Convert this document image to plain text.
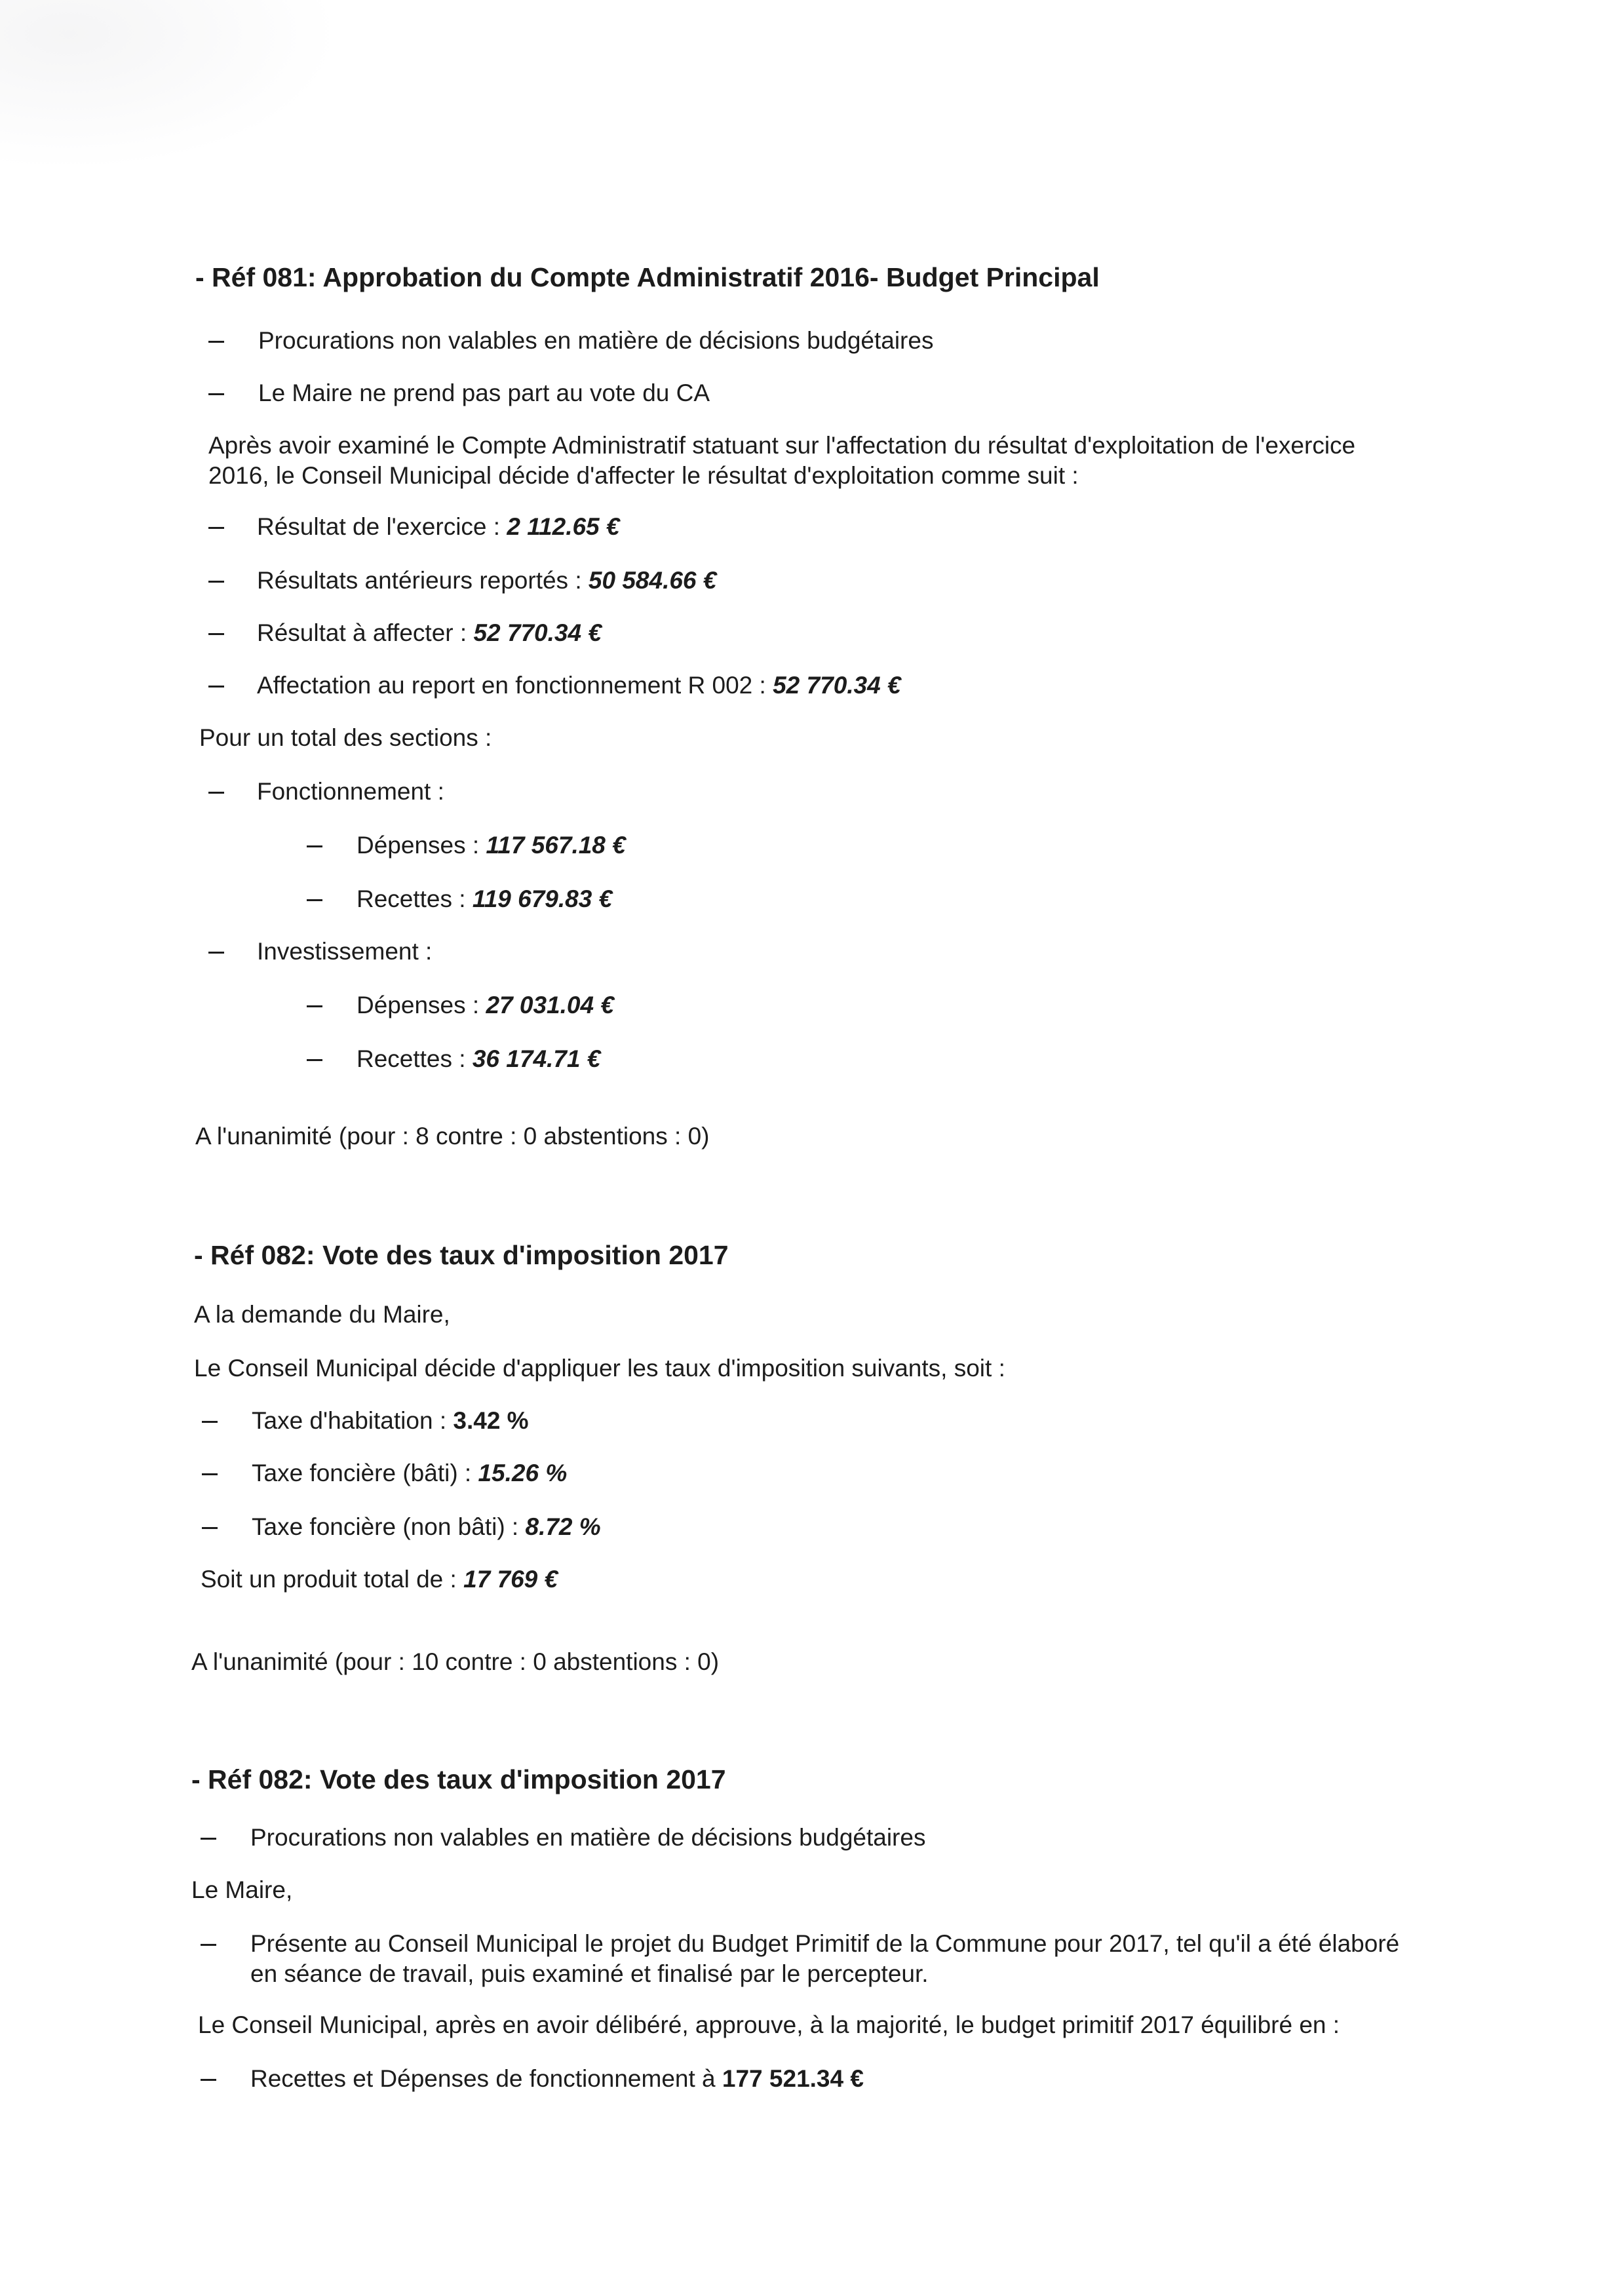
- Réf 081: Approbation du Compte Administratif 2016- Budget Principal
Procurations non valables en matière de décisions budgétaires
Le Maire ne prend pas part au vote du CA
Après avoir examiné le Compte Administratif statuant sur l'affectation du résultat d'exploitation de l'exercice
2016, le Conseil Municipal décide d'affecter le résultat d'exploitation comme suit :
Résultat de l'exercice : 2 112.65 €
Résultats antérieurs reportés : 50 584.66 €
Résultat à affecter : 52 770.34 €
Affectation au report en fonctionnement R 002 : 52 770.34 €
Pour un total des sections :
Fonctionnement :
Dépenses : 117 567.18 €
Recettes : 119 679.83 €
Investissement :
Dépenses : 27 031.04 €
Recettes : 36 174.71 €
A l'unanimité (pour : 8 contre : 0 abstentions : 0)
- Réf 082: Vote des taux d'imposition 2017
A la demande du Maire,
Le Conseil Municipal décide d'appliquer les taux d'imposition suivants, soit :
Taxe d'habitation : 3.42 %
Taxe foncière (bâti) : 15.26 %
Taxe foncière (non bâti) : 8.72 %
Soit un produit total de : 17 769 €
A l'unanimité (pour : 10 contre : 0 abstentions : 0)
- Réf 082: Vote des taux d'imposition 2017
Procurations non valables en matière de décisions budgétaires
Le Maire,
Présente au Conseil Municipal le projet du Budget Primitif de la Commune pour 2017, tel qu'il a été élaboré
en séance de travail, puis examiné et finalisé par le percepteur.
Le Conseil Municipal, après en avoir délibéré, approuve, à la majorité, le budget primitif 2017 équilibré en :
Recettes et Dépenses de fonctionnement à 177 521.34 €
